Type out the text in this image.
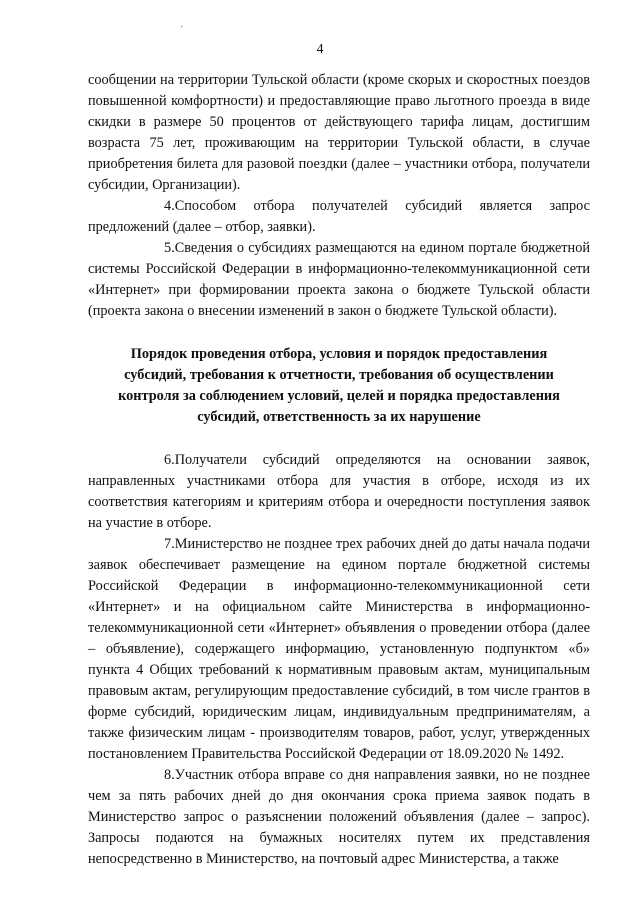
'
4

сообщении на территории Тульской области (кроме скорых и скоростных поездов повышенной комфортности) и предоставляющие право льготного проезда в виде скидки в размере 50 процентов от действующего тарифа лицам, достигшим возраста 75 лет, проживающим на территории Тульской области, в случае приобретения билета для разовой поездки (далее – участники отбора, получатели субсидии, Организации).

4.Способом отбора получателей субсидий является запрос предложений (далее – отбор, заявки).

5.Сведения о субсидиях размещаются на едином портале бюджетной системы Российской Федерации в информационно-телекоммуникационной сети «Интернет» при формировании проекта закона о бюджете Тульской области (проекта закона о внесении изменений в закон о бюджете Тульской области).

Порядок проведения отбора, условия и порядок предоставления субсидий, требования к отчетности, требования об осуществлении контроля за соблюдением условий, целей и порядка предоставления субсидий, ответственность за их нарушение

6.Получатели субсидий определяются на основании заявок, направленных участниками отбора для участия в отборе, исходя из их соответствия категориям и критериям отбора и очередности поступления заявок на участие в отборе.

7.Министерство не позднее трех рабочих дней до даты начала подачи заявок обеспечивает размещение на едином портале бюджетной системы Российской Федерации в информационно-телекоммуникационной сети «Интернет» и на официальном сайте Министерства в информационно-телекоммуникационной сети «Интернет» объявления о проведении отбора (далее – объявление), содержащего информацию, установленную подпунктом «б» пункта 4 Общих требований к нормативным правовым актам, муниципальным правовым актам, регулирующим предоставление субсидий, в том числе грантов в форме субсидий, юридическим лицам, индивидуальным предпринимателям, а также физическим лицам - производителям товаров, работ, услуг, утвержденных постановлением Правительства Российской Федерации от 18.09.2020 № 1492.

8.Участник отбора вправе со дня направления заявки, но не позднее чем за пять рабочих дней до дня окончания срока приема заявок подать в Министерство запрос о разъяснении положений объявления (далее – запрос). Запросы подаются на бумажных носителях путем их представления непосредственно в Министерство, на почтовый адрес Министерства, а также
